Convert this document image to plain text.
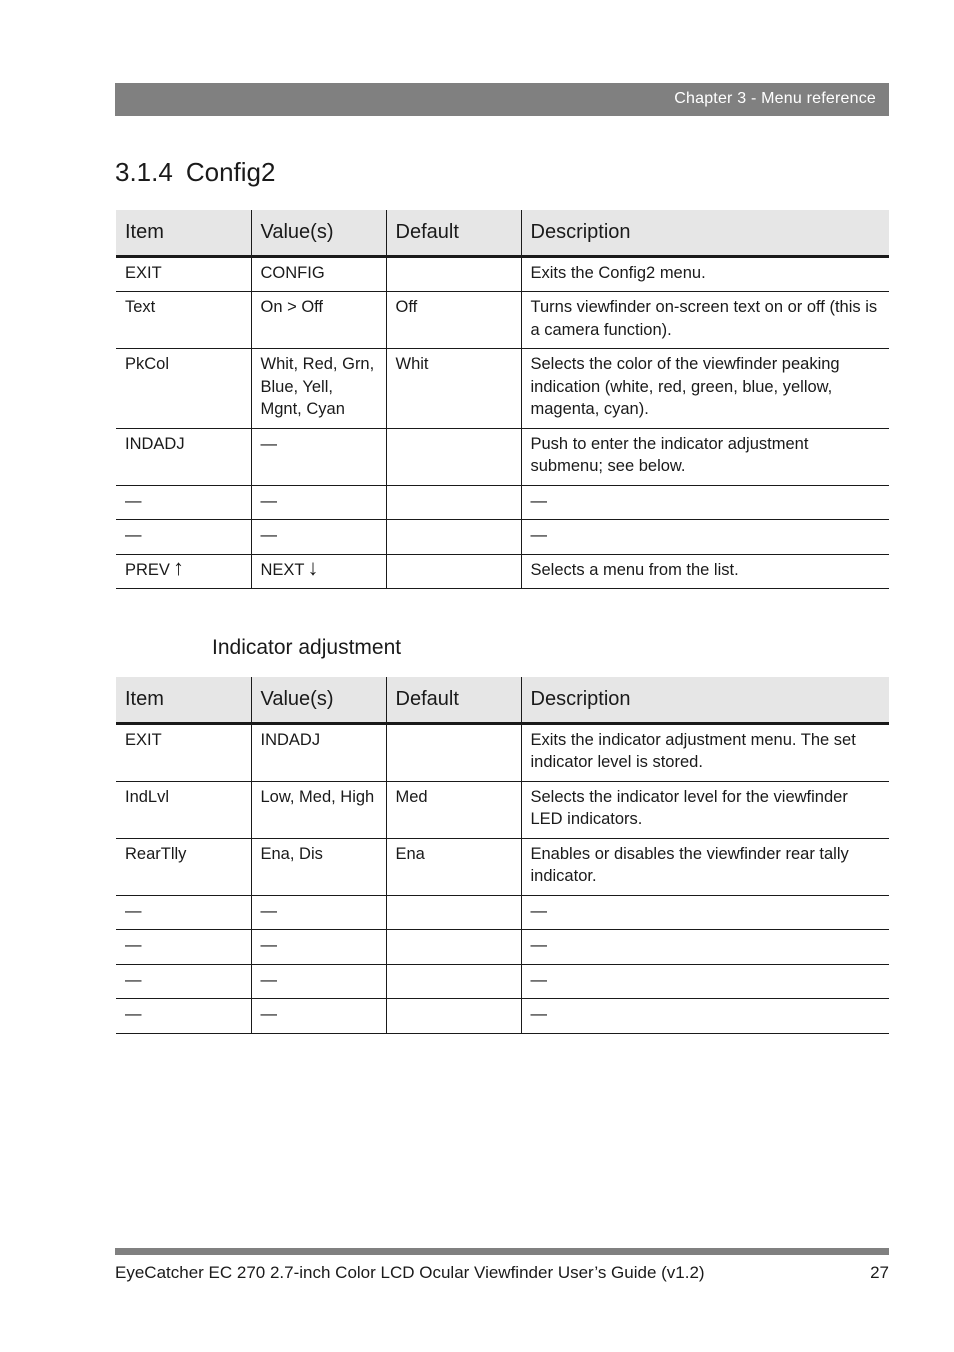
Chapter 3 - Menu reference
3.1.4 Config2
Item	Value(s)	Default	Description
EXIT	CONFIG		Exits the Config2 menu.
Text	On > Off	Off	Turns viewfinder on-screen text on or off (this is a camera function).
PkCol	Whit, Red, Grn, Blue, Yell, Mgnt, Cyan	Whit	Selects the color of the viewfinder peaking indication (white, red, green, blue, yellow, magenta, cyan).
INDADJ	—		Push to enter the indicator adjustment submenu; see below.
—	—		—
—	—		—
PREV ↑	NEXT ↓		Selects a menu from the list.
Indicator adjustment
Item	Value(s)	Default	Description
EXIT	INDADJ		Exits the indicator adjustment menu. The set indicator level is stored.
IndLvl	Low, Med, High	Med	Selects the indicator level for the viewfinder LED indicators.
RearTlly	Ena, Dis	Ena	Enables or disables the viewfinder rear tally indicator.
—	—		—
—	—		—
—	—		—
—	—		—
EyeCatcher EC 270 2.7-inch Color LCD Ocular Viewfinder User’s Guide (v1.2)	27
